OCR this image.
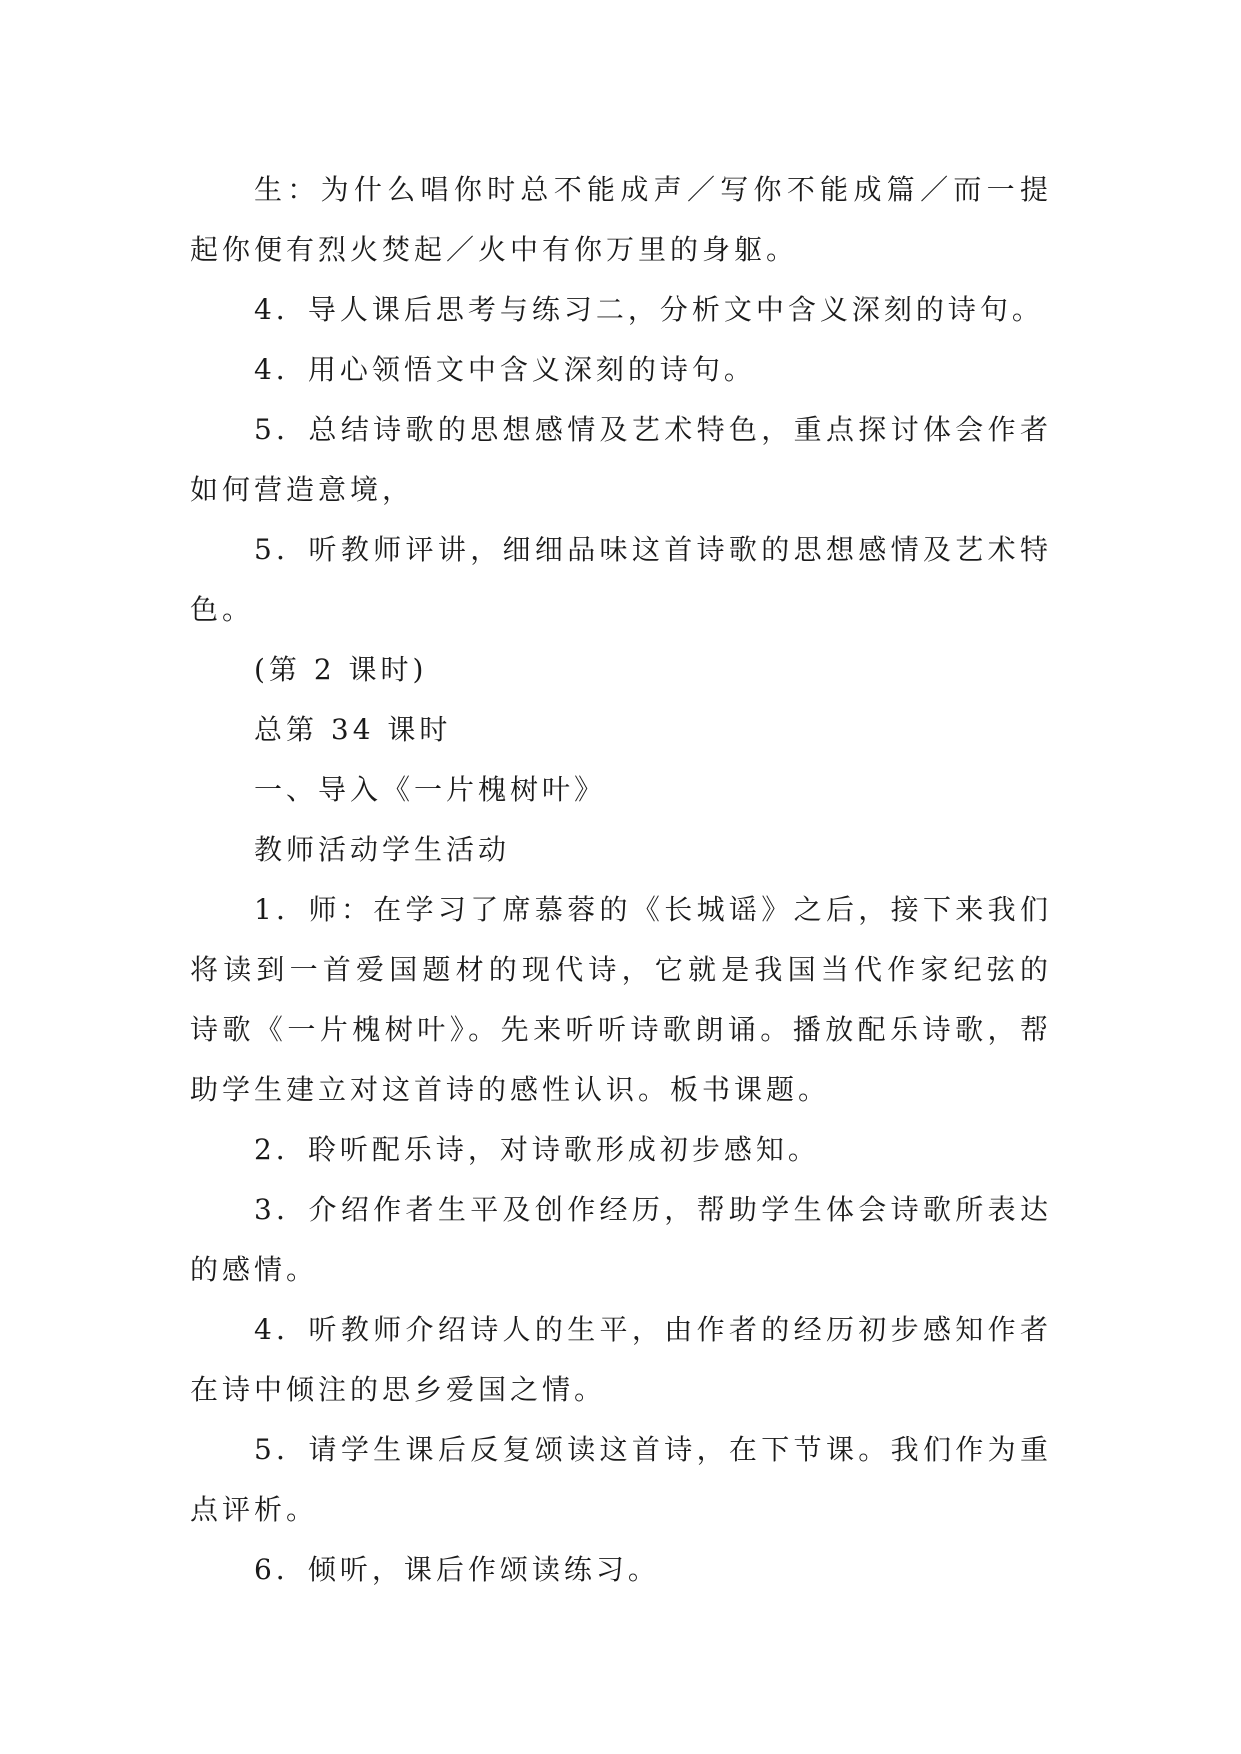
生：为什么唱你时总不能成声／写你不能成篇／而一提起你便有烈火焚起／火中有你万里的身躯。

4．导人课后思考与练习二，分析文中含义深刻的诗句。

4．用心领悟文中含义深刻的诗句。

5．总结诗歌的思想感情及艺术特色，重点探讨体会作者如何营造意境，

5．听教师评讲，细细品味这首诗歌的思想感情及艺术特色。

(第 2 课时)

总第 34 课时

一、导入《一片槐树叶》

教师活动学生活动

1．师：在学习了席慕蓉的《长城谣》之后，接下来我们将读到一首爱国题材的现代诗，它就是我国当代作家纪弦的诗歌《一片槐树叶》。先来听听诗歌朗诵。播放配乐诗歌，帮助学生建立对这首诗的感性认识。板书课题。

2．聆听配乐诗，对诗歌形成初步感知。

3．介绍作者生平及创作经历，帮助学生体会诗歌所表达的感情。

4．听教师介绍诗人的生平，由作者的经历初步感知作者在诗中倾注的思乡爱国之情。

5．请学生课后反复颂读这首诗，在下节课。我们作为重点评析。

6．倾听，课后作颂读练习。
